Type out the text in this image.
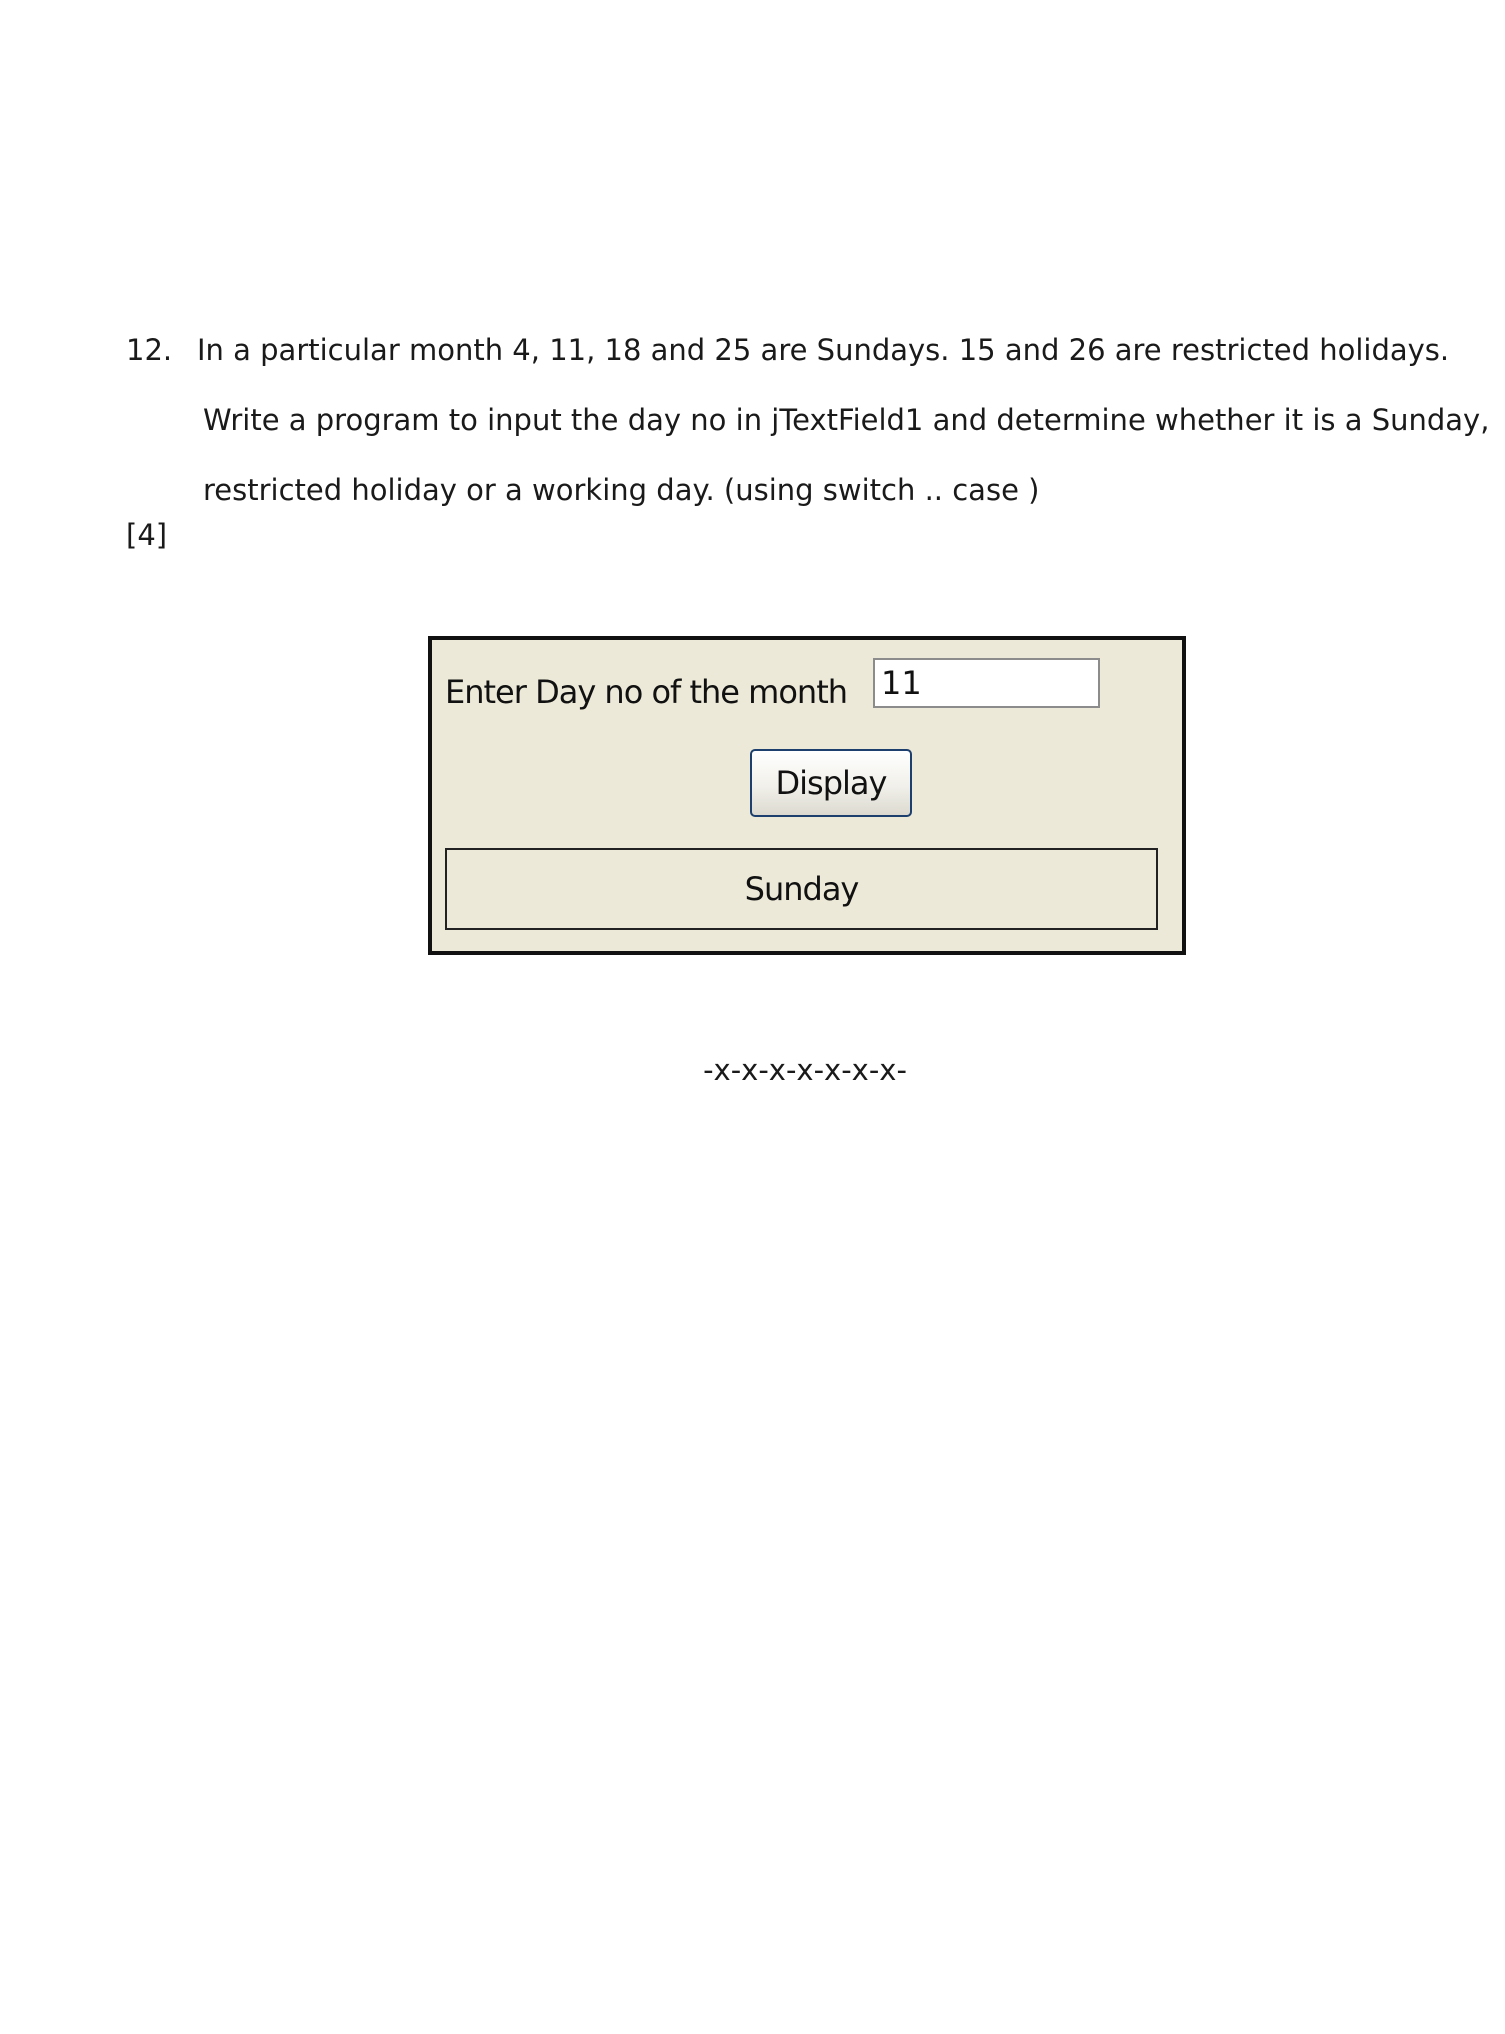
12. In a particular month 4, 11, 18 and 25 are Sundays. 15 and 26 are restricted holidays.
Write a program to input the day no in jTextField1 and determine whether it is a Sunday,
restricted holiday or a working day. (using switch .. case )
[4]
Enter Day no of the month
11
Display
Sunday
-x-x-x-x-x-x-x-
